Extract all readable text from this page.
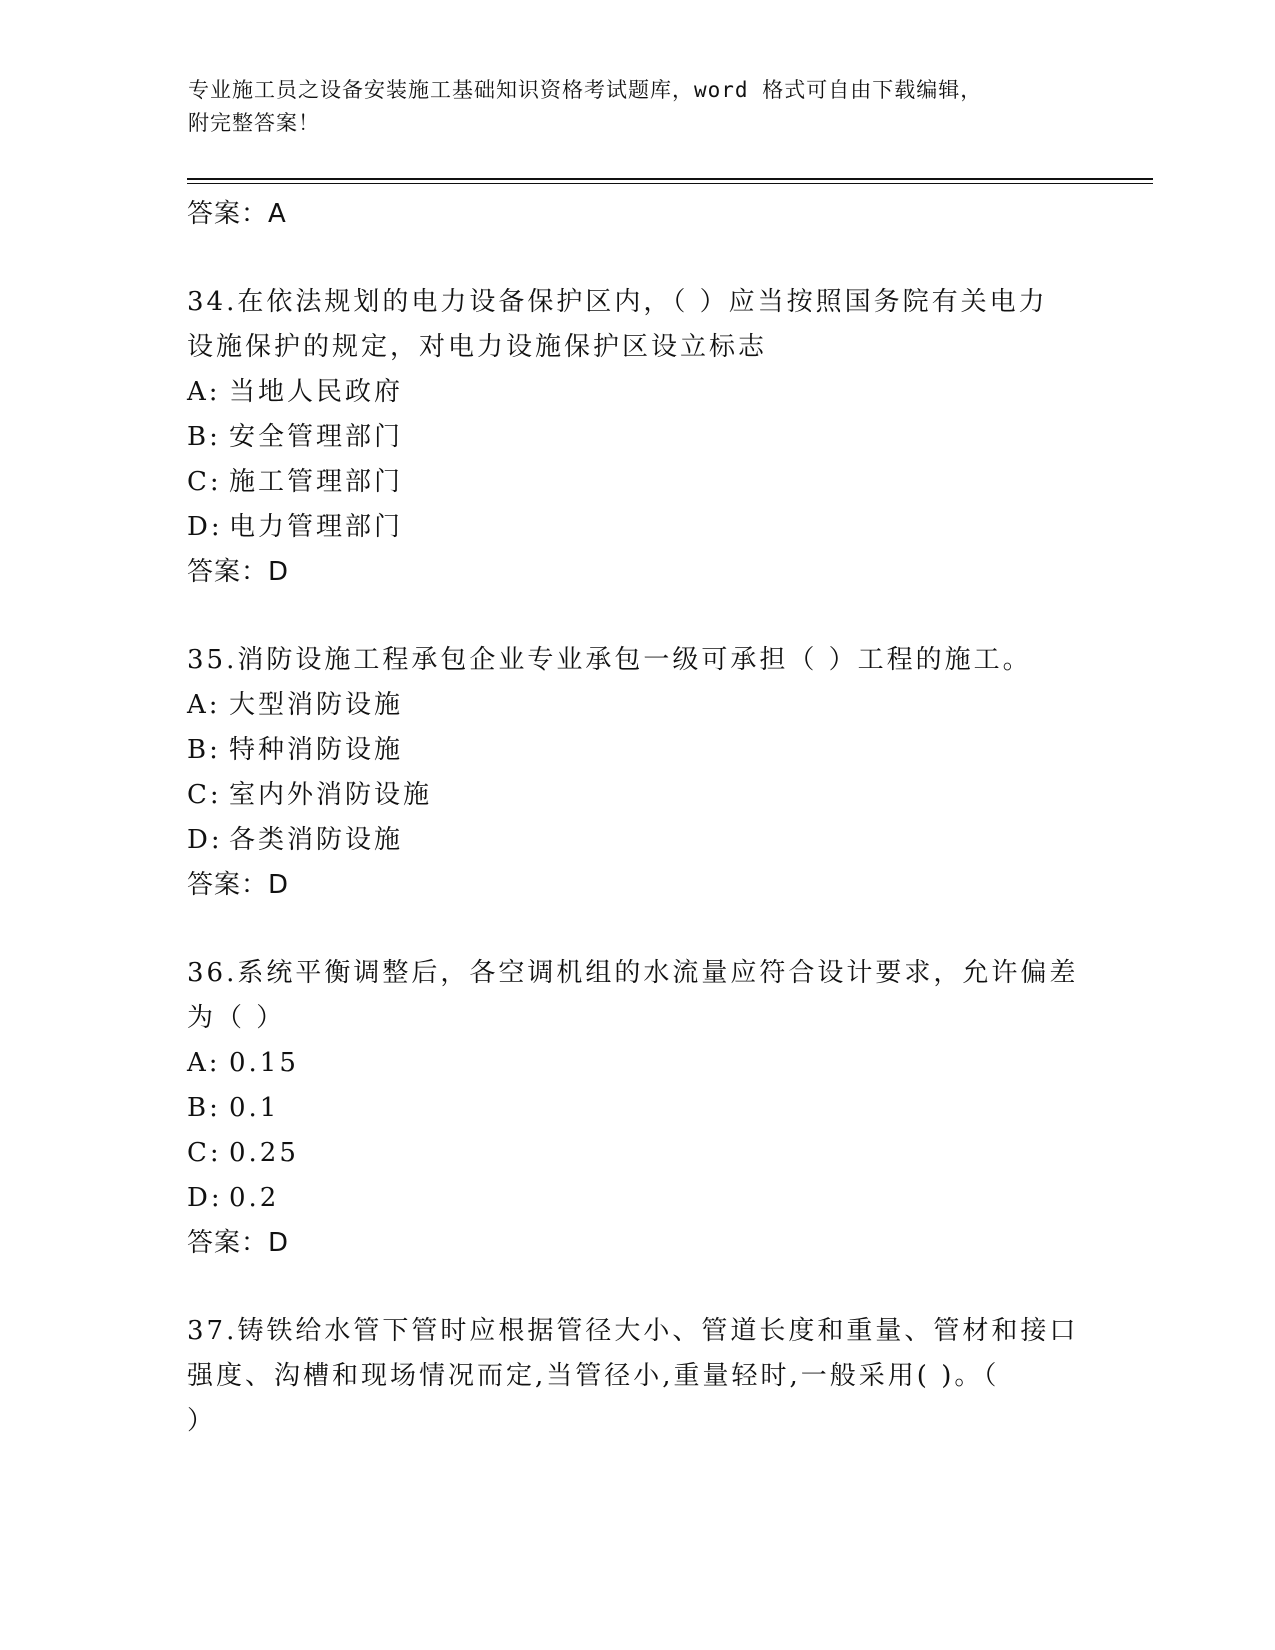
专业施工员之设备安装施工基础知识资格考试题库，word 格式可自由下载编辑，
附完整答案！
答案：A
34.在依法规划的电力设备保护区内，（ ）应当按照国务院有关电力
设施保护的规定，对电力设施保护区设立标志
A: 当地人民政府
B: 安全管理部门
C: 施工管理部门
D: 电力管理部门
答案：D
35.消防设施工程承包企业专业承包一级可承担（ ）工程的施工。
A: 大型消防设施
B: 特种消防设施
C: 室内外消防设施
D: 各类消防设施
答案：D
36.系统平衡调整后，各空调机组的水流量应符合设计要求，允许偏差
为（ ）
A: 0.15
B: 0.1
C: 0.25
D: 0.2
答案：D
37.铸铁给水管下管时应根据管径大小、管道长度和重量、管材和接口
强度、沟槽和现场情况而定,当管径小,重量轻时,一般采用( )。（
）
